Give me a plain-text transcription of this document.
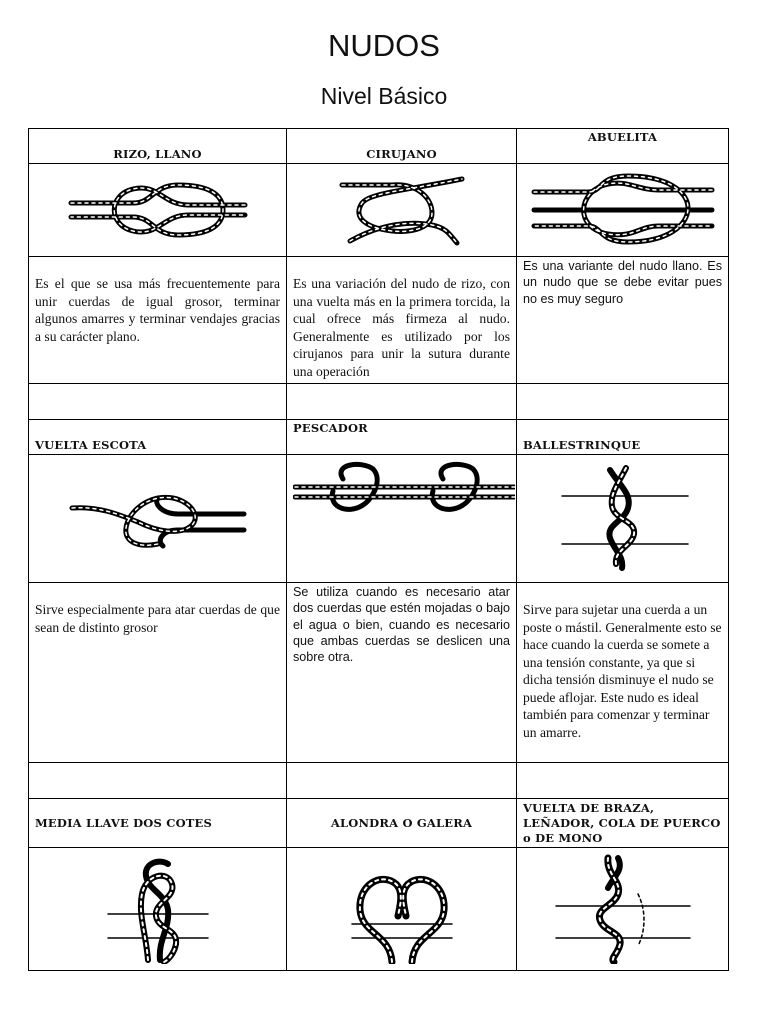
NUDOS
Nivel Básico
RIZO, LLANO	CIRUJANO	ABUELITA

Es el que se usa más frecuentemente para unir cuerdas de igual grosor, terminar algunos amarres y terminar vendajes gracias a su carácter plano.	Es una variación del nudo de rizo, con una vuelta más en la primera torcida, la cual ofrece más firmeza al nudo. Generalmente es utilizado por los cirujanos para unir la sutura durante una operación	Es una variante del nudo llano. Es un nudo que se debe evitar pues no es muy seguro

VUELTA ESCOTA	PESCADOR	BALLESTRINQUE

Sirve especialmente para atar cuerdas de que sean de distinto grosor	Se utiliza cuando es necesario atar dos cuerdas que estén mojadas o bajo el agua o bien, cuando es necesario que ambas cuerdas se deslicen una sobre otra.	Sirve para sujetar una cuerda a un poste o mástil. Generalmente esto se hace cuando la cuerda se somete a una tensión constante, ya que si dicha tensión disminuye el nudo se puede aflojar. Este nudo es ideal también para comenzar y terminar un amarre.

MEDIA LLAVE DOS COTES	ALONDRA O GALERA	VUELTA DE BRAZA, LEÑADOR, COLA DE PUERCO o DE MONO
